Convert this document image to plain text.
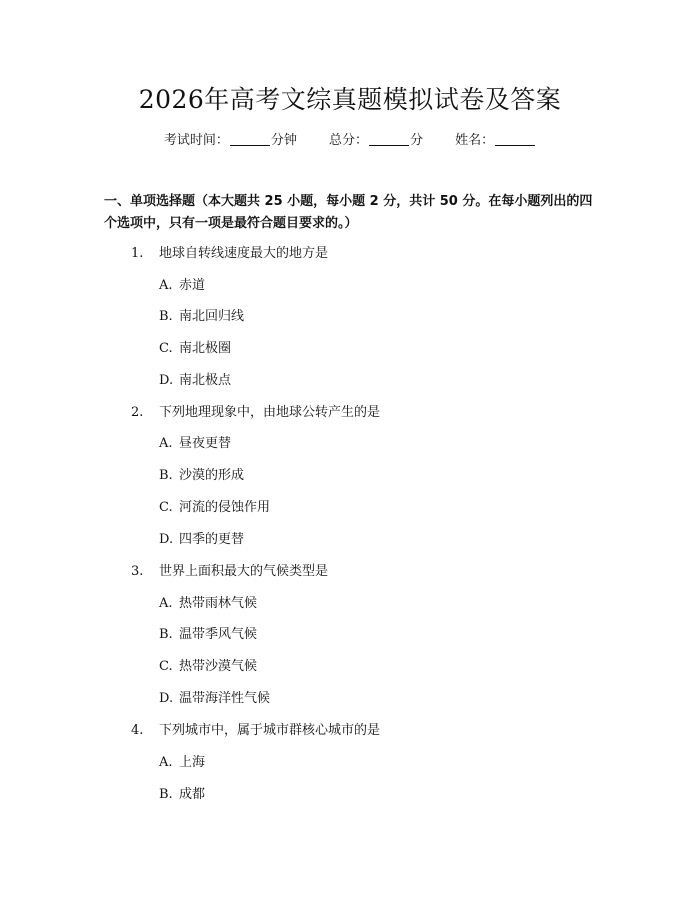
2026年高考文综真题模拟试卷及答案
考试时间：	分钟 总分：	分 姓名：
一、单项选择题（本大题共 25 小题，每小题 2 分，共计 50 分。在每小题列出的四个选项中，只有一项是最符合题目要求的。）
1. 地球自转线速度最大的地方是
A. 赤道
B. 南北回归线
C. 南北极圈
D. 南北极点
2. 下列地理现象中，由地球公转产生的是
A. 昼夜更替
B. 沙漠的形成
C. 河流的侵蚀作用
D. 四季的更替
3. 世界上面积最大的气候类型是
A. 热带雨林气候
B. 温带季风气候
C. 热带沙漠气候
D. 温带海洋性气候
4. 下列城市中，属于城市群核心城市的是
A. 上海
B. 成都
